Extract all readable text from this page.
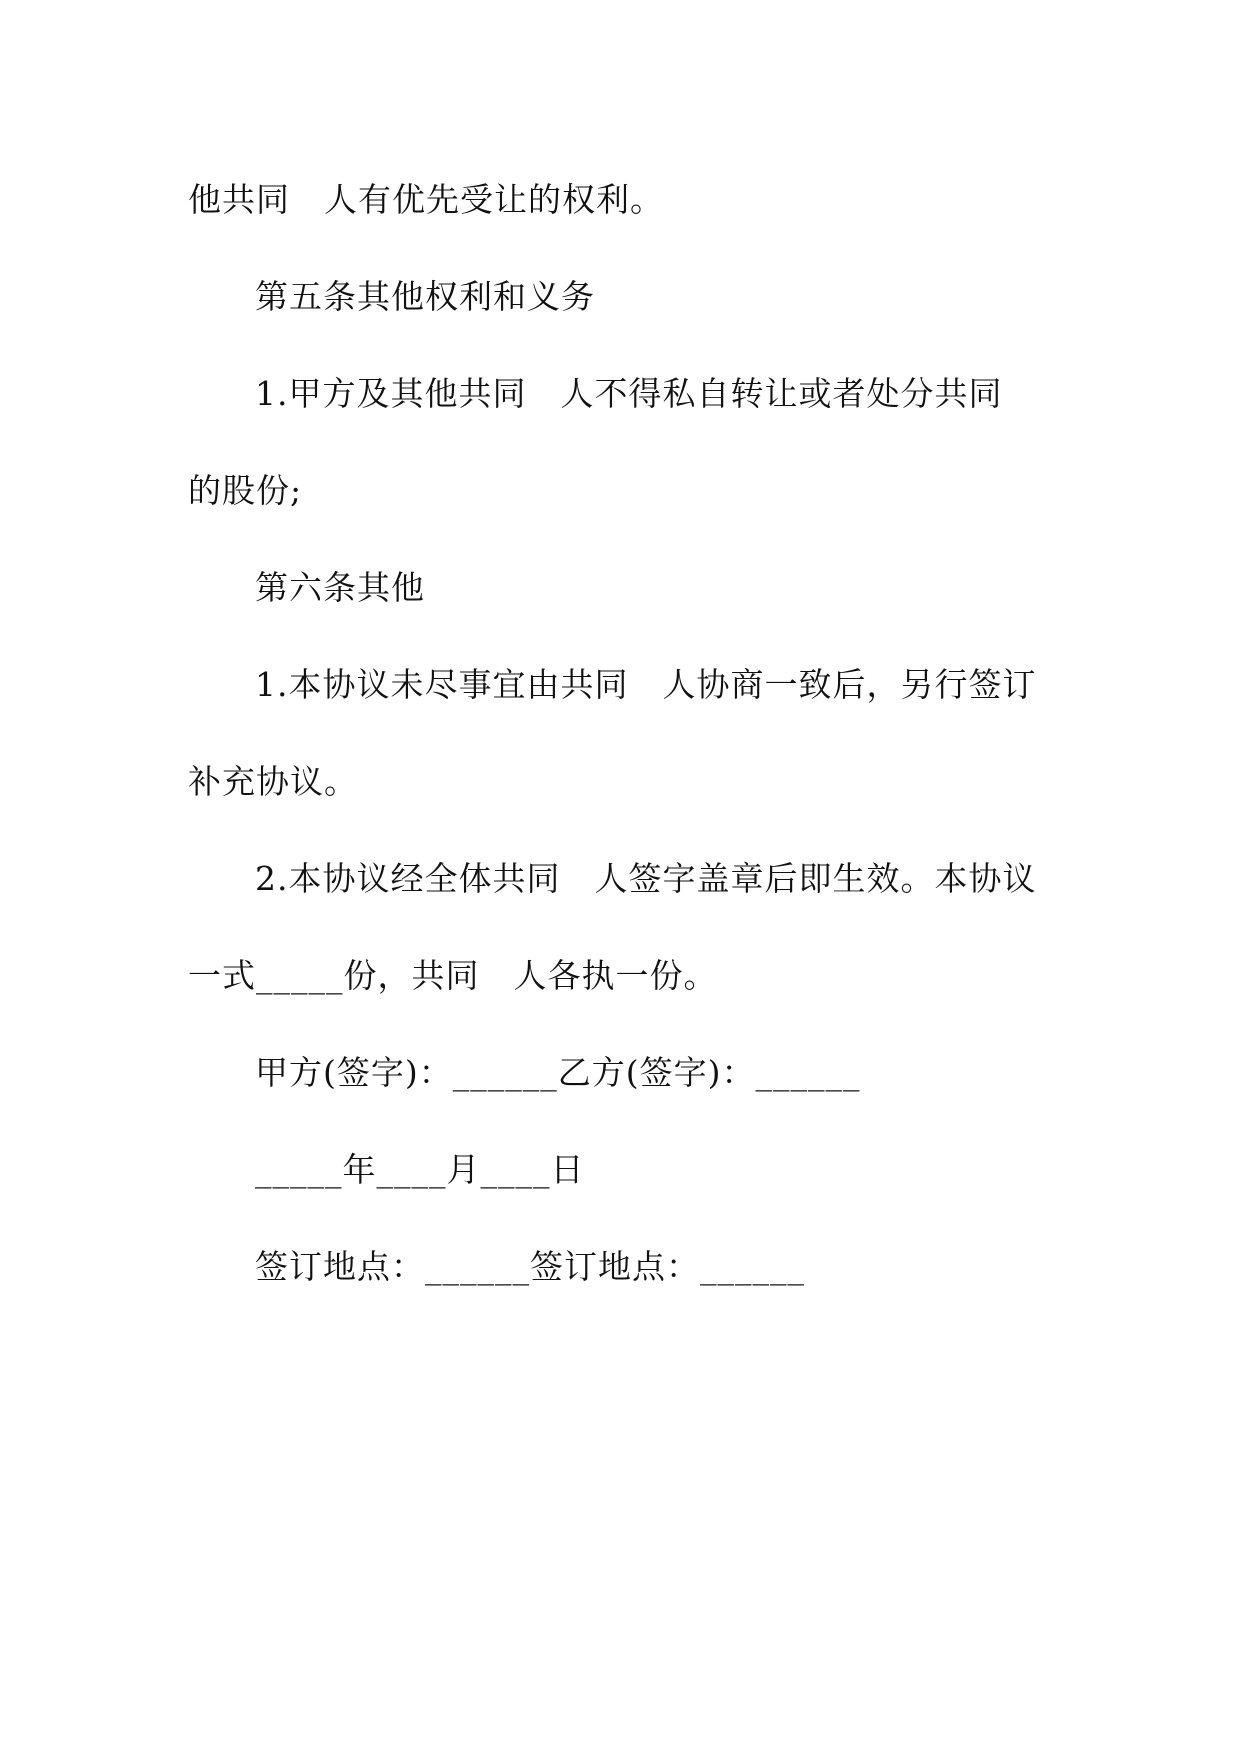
他共同　人有优先受让的权利。
第五条其他权利和义务
1.甲方及其他共同　人不得私自转让或者处分共同
的股份;
第六条其他
1.本协议未尽事宜由共同　人协商一致后，另行签订
补充协议。
2.本协议经全体共同　人签字盖章后即生效。本协议
一式_____份，共同　人各执一份。
甲方(签字)：______乙方(签字)：______
_____年____月____日
签订地点：______签订地点：______
